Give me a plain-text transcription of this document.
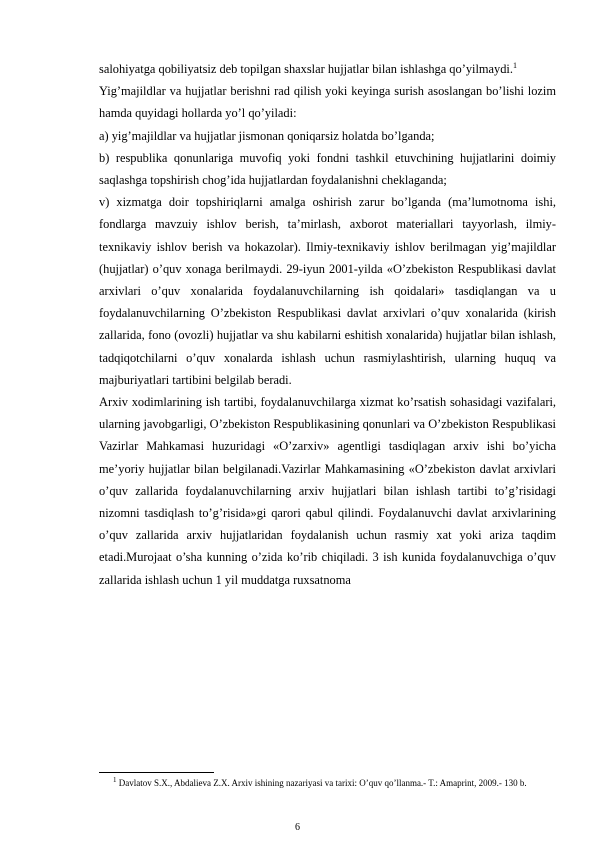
salohiyatga qobiliyatsiz deb topilgan shaxslar hujjatlar bilan ishlashga qo’yilmaydi.$^1$

Yig’majildlar va hujjatlar berishni rad qilish yoki keyinga surish asoslangan bo’lishi lozim hamda quyidagi hollarda yo’l qo’yiladi:

a) yig’majildlar va hujjatlar jismonan qoniqarsiz holatda bo’lganda;

b) respublika qonunlariga muvofiq yoki fondni tashkil etuvchining hujjatlarini doimiy saqlashga topshirish chog’ida hujjatlardan foydalanishni cheklaganda;

v) xizmatga doir topshiriqlarni amalga oshirish zarur bo’lganda (ma’lumotnoma ishi, fondlarga mavzuiy ishlov berish, ta’mirlash, axborot materiallari tayyorlash, ilmiy-texnikaviy ishlov berish va hokazolar). Ilmiy-texnikaviy ishlov berilmagan yig’majildlar (hujjatlar) o’quv xonaga berilmaydi. 29-iyun 2001-yilda «O’zbekiston Respublikasi davlat arxivlari o’quv xonalarida foydalanuvchilarning ish qoidalari» tasdiqlangan va u foydalanuvchilarning O’zbekiston Respublikasi davlat arxivlari o’quv xonalarida (kirish zallarida, fono (ovozli) hujjatlar va shu kabilarni eshitish xonalarida) hujjatlar bilan ishlash, tadqiqotchilarni o’quv xonalarda ishlash uchun rasmiylashtirish, ularning huquq va majburiyatlari tartibini belgilab beradi.

Arxiv xodimlarining ish tartibi, foydalanuvchilarga xizmat ko’rsatish sohasidagi vazifalari, ularning javobgarligi, O’zbekiston Respublikasining qonunlari va O’zbekiston Respublikasi Vazirlar Mahkamasi huzuridagi «O’zarxiv» agentligi tasdiqlagan arxiv ishi bo’yicha me’yoriy hujjatlar bilan belgilanadi.Vazirlar Mahkamasining «O’zbekiston davlat arxivlari o’quv zallarida foydalanuvchilarning arxiv hujjatlari bilan ishlash tartibi to’g’risidagi nizomni tasdiqlash to’g’risida»gi qarori qabul qilindi. Foydalanuvchi davlat arxivlarining o’quv zallarida arxiv hujjatlaridan foydalanish uchun rasmiy xat yoki ariza taqdim etadi.Murojaat o’sha kunning o’zida ko’rib chiqiladi. 3 ish kunida foydalanuvchiga o’quv zallarida ishlash uchun 1 yil muddatga ruxsatnoma

$^1$ Davlatov S.X., Abdalieva Z.X. Arxiv ishining nazariyasi va tarixi: O’quv qo’llanma.- T.: Amaprint, 2009.- 130 b.
6
